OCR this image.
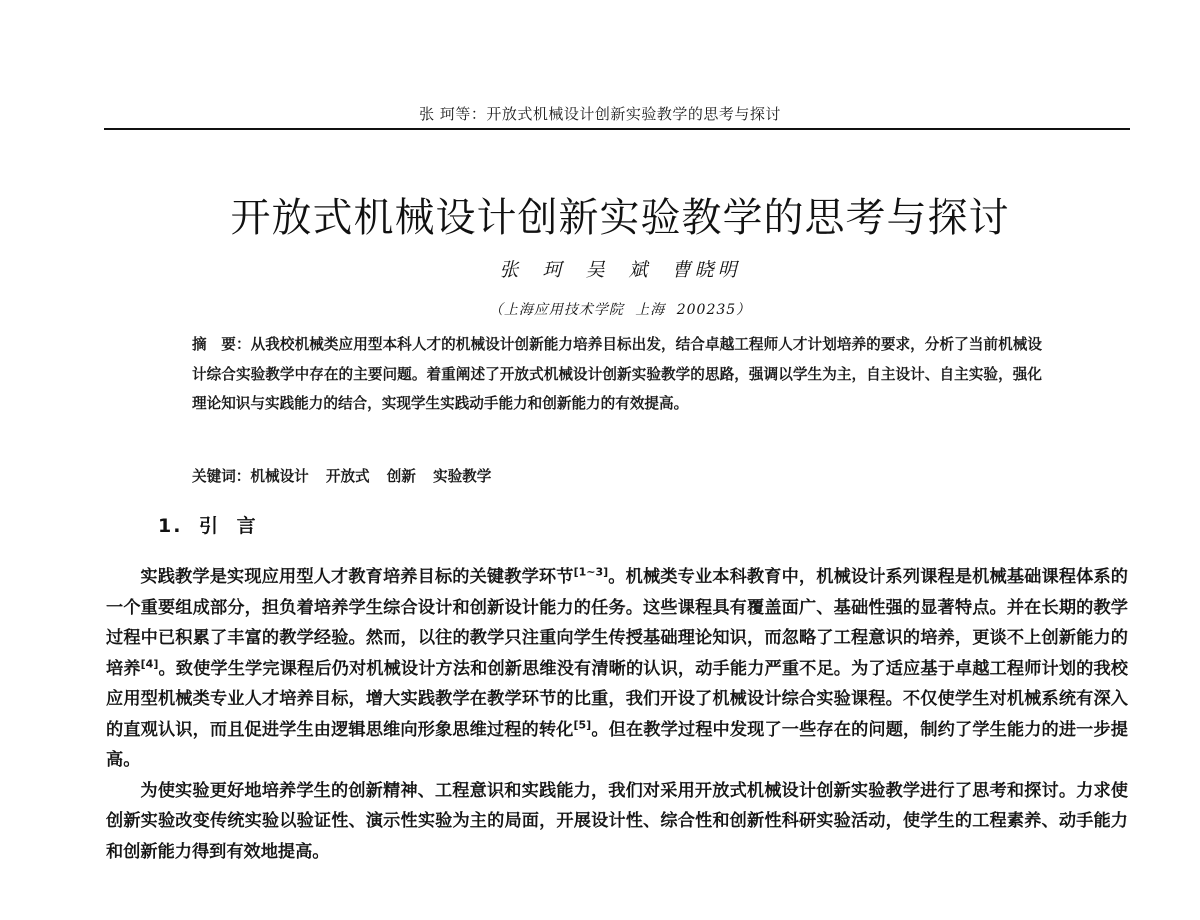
张 珂等：开放式机械设计创新实验教学的思考与探讨
开放式机械设计创新实验教学的思考与探讨
张 珂 吴 斌 曹晓明
（上海应用技术学院 上海 200235）
摘　要：从我校机械类应用型本科人才的机械设计创新能力培养目标出发，结合卓越工程师人才计划培养的要求，分析了当前机械设计综合实验教学中存在的主要问题。着重阐述了开放式机械设计创新实验教学的思路，强调以学生为主，自主设计、自主实验，强化理论知识与实践能力的结合，实现学生实践动手能力和创新能力的有效提高。
关键词：机械设计 开放式 创新 实验教学
1. 引 言

实践教学是实现应用型人才教育培养目标的关键教学环节[1~3]。机械类专业本科教育中，机械设计系列课程是机械基础课程体系的一个重要组成部分，担负着培养学生综合设计和创新设计能力的任务。这些课程具有覆盖面广、基础性强的显著特点。并在长期的教学过程中已积累了丰富的教学经验。然而，以往的教学只注重向学生传授基础理论知识，而忽略了工程意识的培养，更谈不上创新能力的培养[4]。致使学生学完课程后仍对机械设计方法和创新思维没有清晰的认识，动手能力严重不足。为了适应基于卓越工程师计划的我校应用型机械类专业人才培养目标，增大实践教学在教学环节的比重，我们开设了机械设计综合实验课程。不仅使学生对机械系统有深入的直观认识，而且促进学生由逻辑思维向形象思维过程的转化[5]。但在教学过程中发现了一些存在的问题，制约了学生能力的进一步提高。

为使实验更好地培养学生的创新精神、工程意识和实践能力，我们对采用开放式机械设计创新实验教学进行了思考和探讨。力求使创新实验改变传统实验以验证性、演示性实验为主的局面，开展设计性、综合性和创新性科研实验活动，使学生的工程素养、动手能力和创新能力得到有效地提高。
